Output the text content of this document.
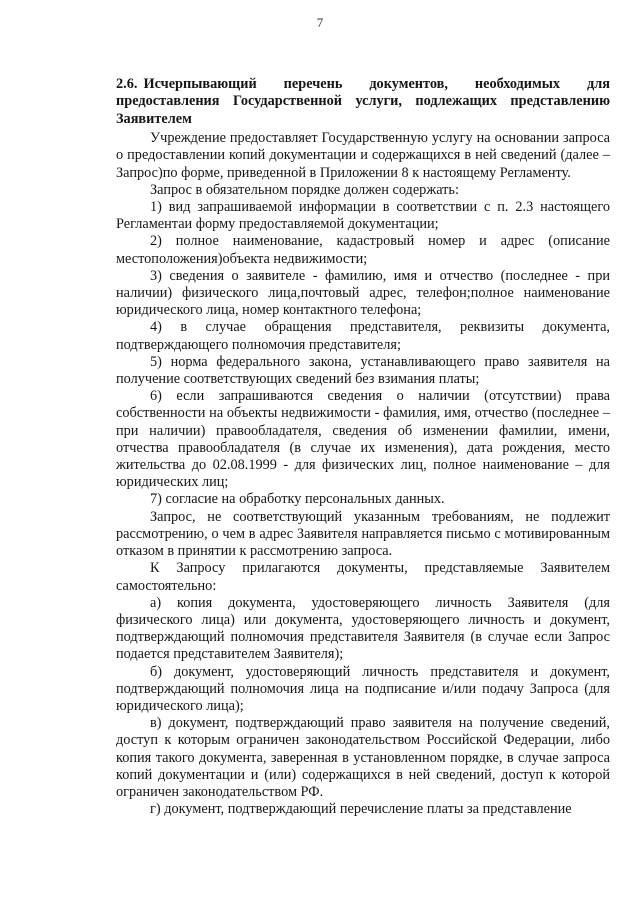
7
2.6. Исчерпывающий перечень документов, необходимых для предоставления Государственной услуги, подлежащих представлению Заявителем

Учреждение предоставляет Государственную услугу на основании запроса о предоставлении копий документации и содержащихся в ней сведений (далее – Запрос)по форме, приведенной в Приложении 8 к настоящему Регламенту.

Запрос в обязательном порядке должен содержать:

1) вид запрашиваемой информации в соответствии с п. 2.3 настоящего Регламентаи форму предоставляемой документации;

2) полное наименование, кадастровый номер и адрес (описание местоположения)объекта недвижимости;

3) сведения о заявителе - фамилию, имя и отчество (последнее - при наличии) физического лица,почтовый адрес, телефон;полное наименование юридического лица, номер контактного телефона;

4) в случае обращения представителя, реквизиты документа, подтверждающего полномочия представителя;

5) норма федерального закона, устанавливающего право заявителя на получение соответствующих сведений без взимания платы;

6) если запрашиваются сведения о наличии (отсутствии) права собственности на объекты недвижимости - фамилия, имя, отчество (последнее – при наличии) правообладателя, сведения об изменении фамилии, имени, отчества правообладателя (в случае их изменения), дата рождения, место жительства до 02.08.1999 - для физических лиц, полное наименование – для юридических лиц;

7) согласие на обработку персональных данных.

Запрос, не соответствующий указанным требованиям, не подлежит рассмотрению, о чем в адрес Заявителя направляется письмо с мотивированным отказом в принятии к рассмотрению запроса.

К Запросу прилагаются документы, представляемые Заявителем самостоятельно:

а) копия документа, удостоверяющего личность Заявителя (для физического лица) или документа, удостоверяющего личность и документ, подтверждающий полномочия представителя Заявителя (в случае если Запрос подается представителем Заявителя);

б) документ, удостоверяющий личность представителя и документ, подтверждающий полномочия лица на подписание и/или подачу Запроса (для юридического лица);

в) документ, подтверждающий право заявителя на получение сведений, доступ к которым ограничен законодательством Российской Федерации, либо копия такого документа, заверенная в установленном порядке, в случае запроса копий документации и (или) содержащихся в ней сведений, доступ к которой ограничен законодательством РФ.

г) документ, подтверждающий перечисление платы за представление
